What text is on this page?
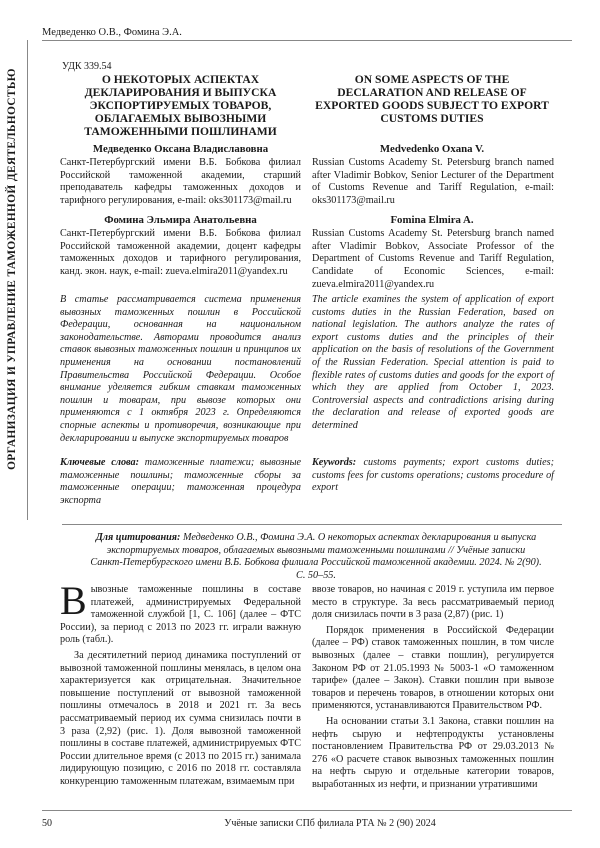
Медведенко О.В., Фомина Э.А.
ОРГАНИЗАЦИЯ И УПРАВЛЕНИЕ ТАМОЖЕННОЙ ДЕЯТЕЛЬНОСТЬЮ
УДК 339.54
О НЕКОТОРЫХ АСПЕКТАХ ДЕКЛАРИРОВАНИЯ И ВЫПУСКА ЭКСПОРТИРУЕМЫХ ТОВАРОВ, ОБЛАГАЕМЫХ ВЫВОЗНЫМИ ТАМОЖЕННЫМИ ПОШЛИНАМИ
ON SOME ASPECTS OF THE DECLARATION AND RELEASE OF EXPORTED GOODS SUBJECT TO EXPORT CUSTOMS DUTIES
Медведенко Оксана Владиславовна
Санкт-Петербургский имени В.Б. Бобкова филиал Российской таможенной академии, старший преподаватель кафедры таможенных доходов и тарифного регулирования, e-mail: oks301173@mail.ru
Фомина Эльмира Анатольевна
Санкт-Петербургский имени В.Б. Бобкова филиал Российской таможенной академии, доцент кафедры таможенных доходов и тарифного регулирования, канд. экон. наук, e-mail: zueva.elmira2011@yandex.ru
Medvedenko Oxana V.
Russian Customs Academy St. Petersburg branch named after Vladimir Bobkov, Senior Lecturer of the Department of Customs Revenue and Tariff Regulation, e-mail: oks301173@mail.ru
Fomina Elmira A.
Russian Customs Academy St. Petersburg branch named after Vladimir Bobkov, Associate Professor of the Department of Customs Revenue and Tariff Regulation, Candidate of Economic Sciences, e-mail: zueva.elmira2011@yandex.ru
В статье рассматривается система применения вывозных таможенных пошлин в Российской Федерации, основанная на национальном законодательстве. Авторами проводится анализ ставок вывозных таможенных пошлин и принципов их применения на основании постановлений Правительства Российской Федерации. Особое внимание уделяется гибким ставкам таможенных пошлин и товарам, при вывозе которых они применяются с 1 октября 2023 г. Определяются спорные аспекты и противоречия, возникающие при декларировании и выпуске экспортируемых товаров
The article examines the system of application of export customs duties in the Russian Federation, based on national legislation. The authors analyze the rates of export customs duties and the principles of their application on the basis of resolutions of the Government of the Russian Federation. Special attention is paid to flexible rates of customs duties and goods for the export of which they are applied from October 1, 2023. Controversial aspects and contradictions arising during the declaration and release of exported goods are determined
Ключевые слова: таможенные платежи; вывозные таможенные пошлины; таможенные сборы за таможенные операции; таможенная процедура экспорта
Keywords: customs payments; export customs duties; customs fees for customs operations; customs procedure of export
Для цитирования: Медведенко О.В., Фомина Э.А. О некоторых аспектах декларирования и выпуска экспортируемых товаров, облагаемых вывозными таможенными пошлинами // Учёные записки Санкт-Петербургского имени В.Б. Бобкова филиала Российской таможенной академии. 2024. № 2(90). С. 50–55.

Вывозные таможенные пошлины в составе платежей, администрируемых Федеральной таможенной службой [1, С. 106] (далее – ФТС России), за период с 2013 по 2023 гг. играли важную роль (табл.).

За десятилетний период динамика поступлений от вывозной таможенной пошлины менялась, в целом она характеризуется как отрицательная. Значительное повышение поступлений от вывозной таможенной пошлины отмечалось в 2018 и 2021 гг. За весь рассматриваемый период их сумма снизилась почти в 3 раза (2,92) (рис. 1). Доля вывозной таможенной пошлины в составе платежей, администрируемых ФТС России длительное время (с 2013 по 2015 гг.) занимала лидирующую позицию, с 2016 по 2018 гг. составляла конкуренцию таможенным платежам, взимаемым при

ввозе товаров, но начиная с 2019 г. уступила им первое место в структуре. За весь рассматриваемый период доля снизилась почти в 3 раза (2,87) (рис. 1)

Порядок применения в Российской Федерации (далее – РФ) ставок таможенных пошлин, в том числе вывозных (далее – ставки пошлин), регулируется Законом РФ от 21.05.1993 № 5003-1 «О таможенном тарифе» (далее – Закон). Ставки пошлин при вывозе товаров и перечень товаров, в отношении которых они применяются, устанавливаются Правительством РФ.

На основании статьи 3.1 Закона, ставки пошлин на нефть сырую и нефтепродукты установлены постановлением Правительства РФ от 29.03.2013 № 276 «О расчете ставок вывозных таможенных пошлин на нефть сырую и отдельные категории товаров, выработанных из нефти, и признании утратившими

50	Учёные записки СПб филиала РТА № 2 (90) 2024
